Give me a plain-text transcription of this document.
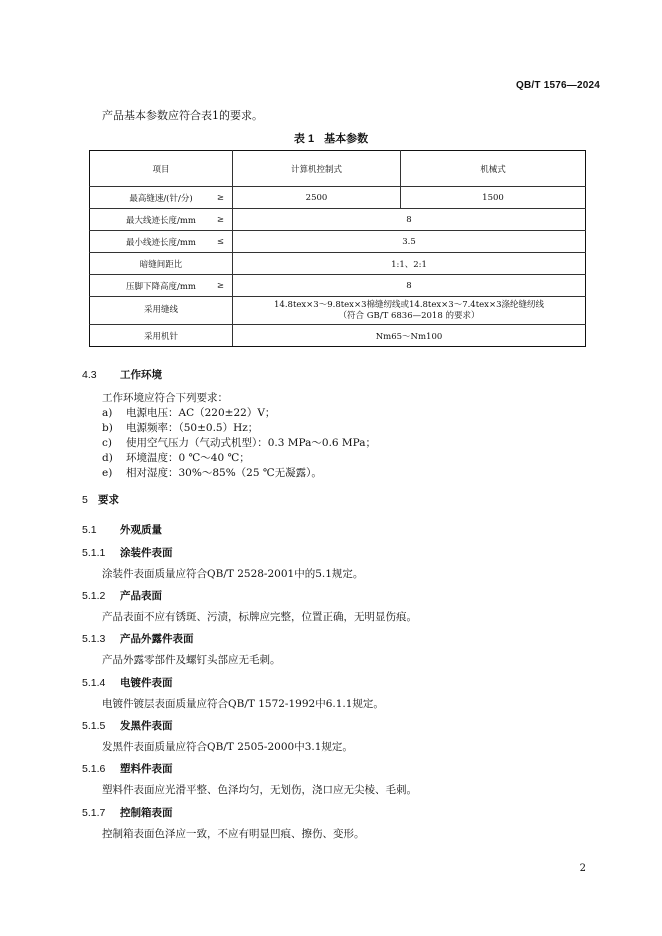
QB/T 1576—2024
产品基本参数应符合表1的要求。
表 1 基本参数
项目	计算机控制式	机械式
最高缝速/(针/分) ≥	2500	1500
最大线迹长度/mm ≥	8	
最小线迹长度/mm ≤	3.5	
暗缝间距比	1:1、2:1	
压脚下降高度/mm ≥	8	
采用缝线	14.8tex×3～9.8tex×3棉缝纫线或14.8tex×3～7.4tex×3涤纶缝纫线
（符合 GB/T 6836—2018 的要求）	

采用机针	Nm65～Nm100	
4.3 工作环境
工作环境应符合下列要求：
a) 电源电压：AC（220±22）V；
b) 电源频率：（50±0.5）Hz；
c) 使用空气压力（气动式机型）：0.3 MPa～0.6 MPa；
d) 环境温度：0 ℃～40 ℃；
e) 相对湿度：30%～85%（25 ℃无凝露）。
5 要求
5.1 外观质量
5.1.1 涂装件表面
涂装件表面质量应符合QB/T 2528-2001中的5.1规定。
5.1.2 产品表面
产品表面不应有锈斑、污渍，标牌应完整，位置正确，无明显伤痕。
5.1.3 产品外露件表面
产品外露零部件及螺钉头部应无毛刺。
5.1.4 电镀件表面
电镀件镀层表面质量应符合QB/T 1572-1992中6.1.1规定。
5.1.5 发黑件表面
发黑件表面质量应符合QB/T 2505-2000中3.1规定。
5.1.6 塑料件表面
塑料件表面应光滑平整、色泽均匀，无划伤，浇口应无尖棱、毛刺。
5.1.7 控制箱表面
控制箱表面色泽应一致，不应有明显凹痕、擦伤、变形。
2
